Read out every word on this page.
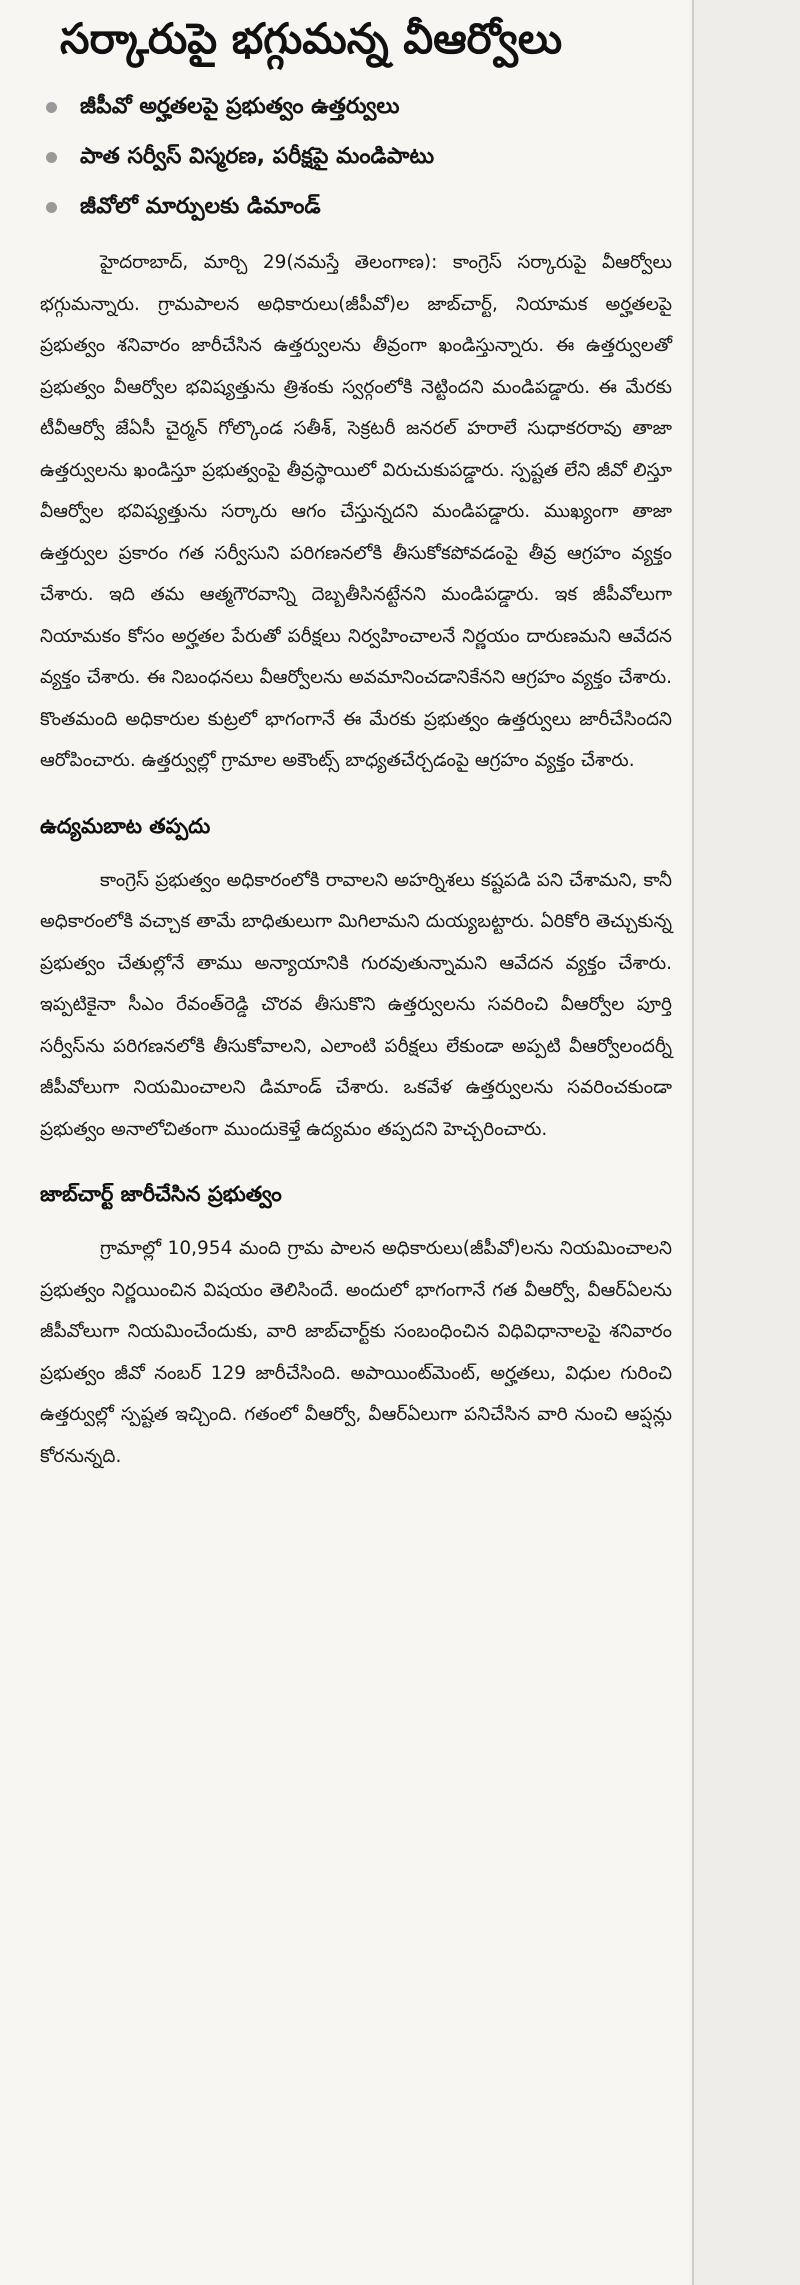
సర్కారుపై భగ్గుమన్న వీఆర్వోలు
జీపీవో అర్హతలపై ప్రభుత్వం ఉత్తర్వులు
పాత సర్వీస్ విస్మరణ, పరీక్షపై మండిపాటు
జీవోలో మార్పులకు డిమాండ్

హైదరాబాద్, మార్చి 29(నమస్తే తెలంగాణ): కాంగ్రెస్ సర్కారుపై వీఆర్వోలు భగ్గుమన్నారు. గ్రామపాలన అధికారులు(జీపీవో)ల జాబ్‌చార్ట్, నియామక అర్హతలపై ప్రభుత్వం శనివారం జారీచేసిన ఉత్తర్వులను తీవ్రంగా ఖండిస్తున్నారు. ఈ ఉత్తర్వులతో ప్రభుత్వం వీఆర్వోల భవిష్యత్తును త్రిశంకు స్వర్గంలోకి నెట్టిందని మండిపడ్డారు. ఈ మేరకు టీవీఆర్వో జేఏసీ చైర్మన్ గోల్కొండ సతీశ్, సెక్రటరీ జనరల్ హరాలే సుధాకరరావు తాజా ఉత్తర్వులను ఖండిస్తూ ప్రభుత్వంపై తీవ్రస్థాయిలో విరుచుకుపడ్డారు. స్పష్టత లేని జీవో లిస్తూ వీఆర్వోల భవిష్యత్తును సర్కారు ఆగం చేస్తున్నదని మండిపడ్డారు. ముఖ్యంగా తాజా ఉత్తర్వుల ప్రకారం గత సర్వీసుని పరిగణనలోకి తీసుకోకపోవడంపై తీవ్ర ఆగ్రహం వ్యక్తం చేశారు. ఇది తమ ఆత్మగౌరవాన్ని దెబ్బతీసినట్టేనని మండిపడ్డారు. ఇక జీపీవోలుగా నియామకం కోసం అర్హతల పేరుతో పరీక్షలు నిర్వహించాలనే నిర్ణయం దారుణమని ఆవేదన వ్యక్తం చేశారు. ఈ నిబంధనలు వీఆర్వోలను అవమానించడానికేనని ఆగ్రహం వ్యక్తం చేశారు. కొంతమంది అధికారుల కుట్రలో భాగంగానే ఈ మేరకు ప్రభుత్వం ఉత్తర్వులు జారీచేసిందని ఆరోపించారు. ఉత్తర్వుల్లో గ్రామాల అకౌంట్స్ బాధ్యతచేర్చడంపై ఆగ్రహం వ్యక్తం చేశారు.

ఉద్యమబాట తప్పదు

కాంగ్రెస్ ప్రభుత్వం అధికారంలోకి రావాలని అహర్నిశలు కష్టపడి పని చేశామని, కానీ అధికారంలోకి వచ్చాక తామే బాధితులుగా మిగిలామని దుయ్యబట్టారు. ఏరికోరి తెచ్చుకున్న ప్రభుత్వం చేతుల్లోనే తాము అన్యాయానికి గురవుతున్నామని ఆవేదన వ్యక్తం చేశారు. ఇప్పటికైనా సీఎం రేవంత్‌రెడ్డి చొరవ తీసుకొని ఉత్తర్వులను సవరించి వీఆర్వోల పూర్తి సర్వీస్‌ను పరిగణనలోకి తీసుకోవాలని, ఎలాంటి పరీక్షలు లేకుండా అప్పటి వీఆర్వోలందర్నీ జీపీవోలుగా నియమించాలని డిమాండ్ చేశారు. ఒకవేళ ఉత్తర్వులను సవరించకుండా ప్రభుత్వం అనాలోచితంగా ముందుకెళ్తే ఉద్యమం తప్పదని హెచ్చరించారు.

జాబ్‌చార్ట్ జారీచేసిన ప్రభుత్వం

గ్రామాల్లో 10,954 మంది గ్రామ పాలన అధికారులు(జీపీవో)లను నియమించాలని ప్రభుత్వం నిర్ణయించిన విషయం తెలిసిందే. అందులో భాగంగానే గత వీఆర్వో, వీఆర్ఏలను జీపీవోలుగా నియమించేందుకు, వారి జాబ్‌చార్ట్‌కు సంబంధించిన విధివిధానాలపై శనివారం ప్రభుత్వం జీవో నంబర్ 129 జారీచేసింది. అపాయింట్‌మెంట్, అర్హతలు, విధుల గురించి ఉత్తర్వుల్లో స్పష్టత ఇచ్చింది. గతంలో వీఆర్వో, వీఆర్ఏలుగా పనిచేసిన వారి నుంచి ఆప్షన్లు కోరనున్నది.
